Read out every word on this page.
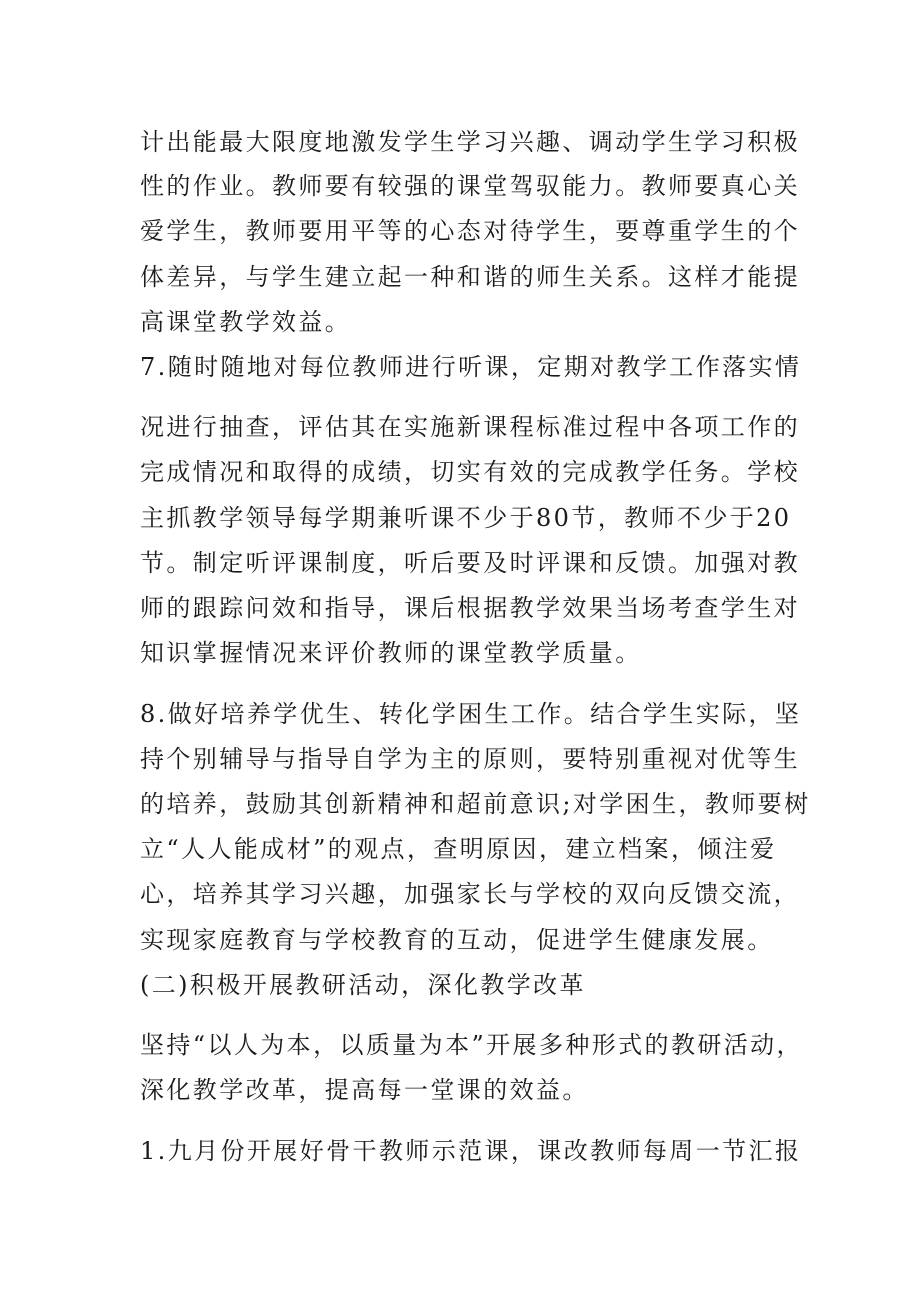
计出能最大限度地激发学生学习兴趣、调动学生学习积极
性的作业。教师要有较强的课堂驾驭能力。教师要真心关
爱学生，教师要用平等的心态对待学生，要尊重学生的个
体差异，与学生建立起一种和谐的师生关系。这样才能提
高课堂教学效益。
7.随时随地对每位教师进行听课，定期对教学工作落实情
况进行抽查，评估其在实施新课程标准过程中各项工作的
完成情况和取得的成绩，切实有效的完成教学任务。学校
主抓教学领导每学期兼听课不少于80节，教师不少于20
节。制定听评课制度，听后要及时评课和反馈。加强对教
师的跟踪问效和指导，课后根据教学效果当场考查学生对
知识掌握情况来评价教师的课堂教学质量。
8.做好培养学优生、转化学困生工作。结合学生实际，坚
持个别辅导与指导自学为主的原则，要特别重视对优等生
的培养，鼓励其创新精神和超前意识;对学困生，教师要树
立“人人能成材”的观点，查明原因，建立档案，倾注爱
心，培养其学习兴趣，加强家长与学校的双向反馈交流，
实现家庭教育与学校教育的互动，促进学生健康发展。
(二)积极开展教研活动，深化教学改革
坚持“以人为本，以质量为本”开展多种形式的教研活动，
深化教学改革，提高每一堂课的效益。
1.九月份开展好骨干教师示范课，课改教师每周一节汇报
